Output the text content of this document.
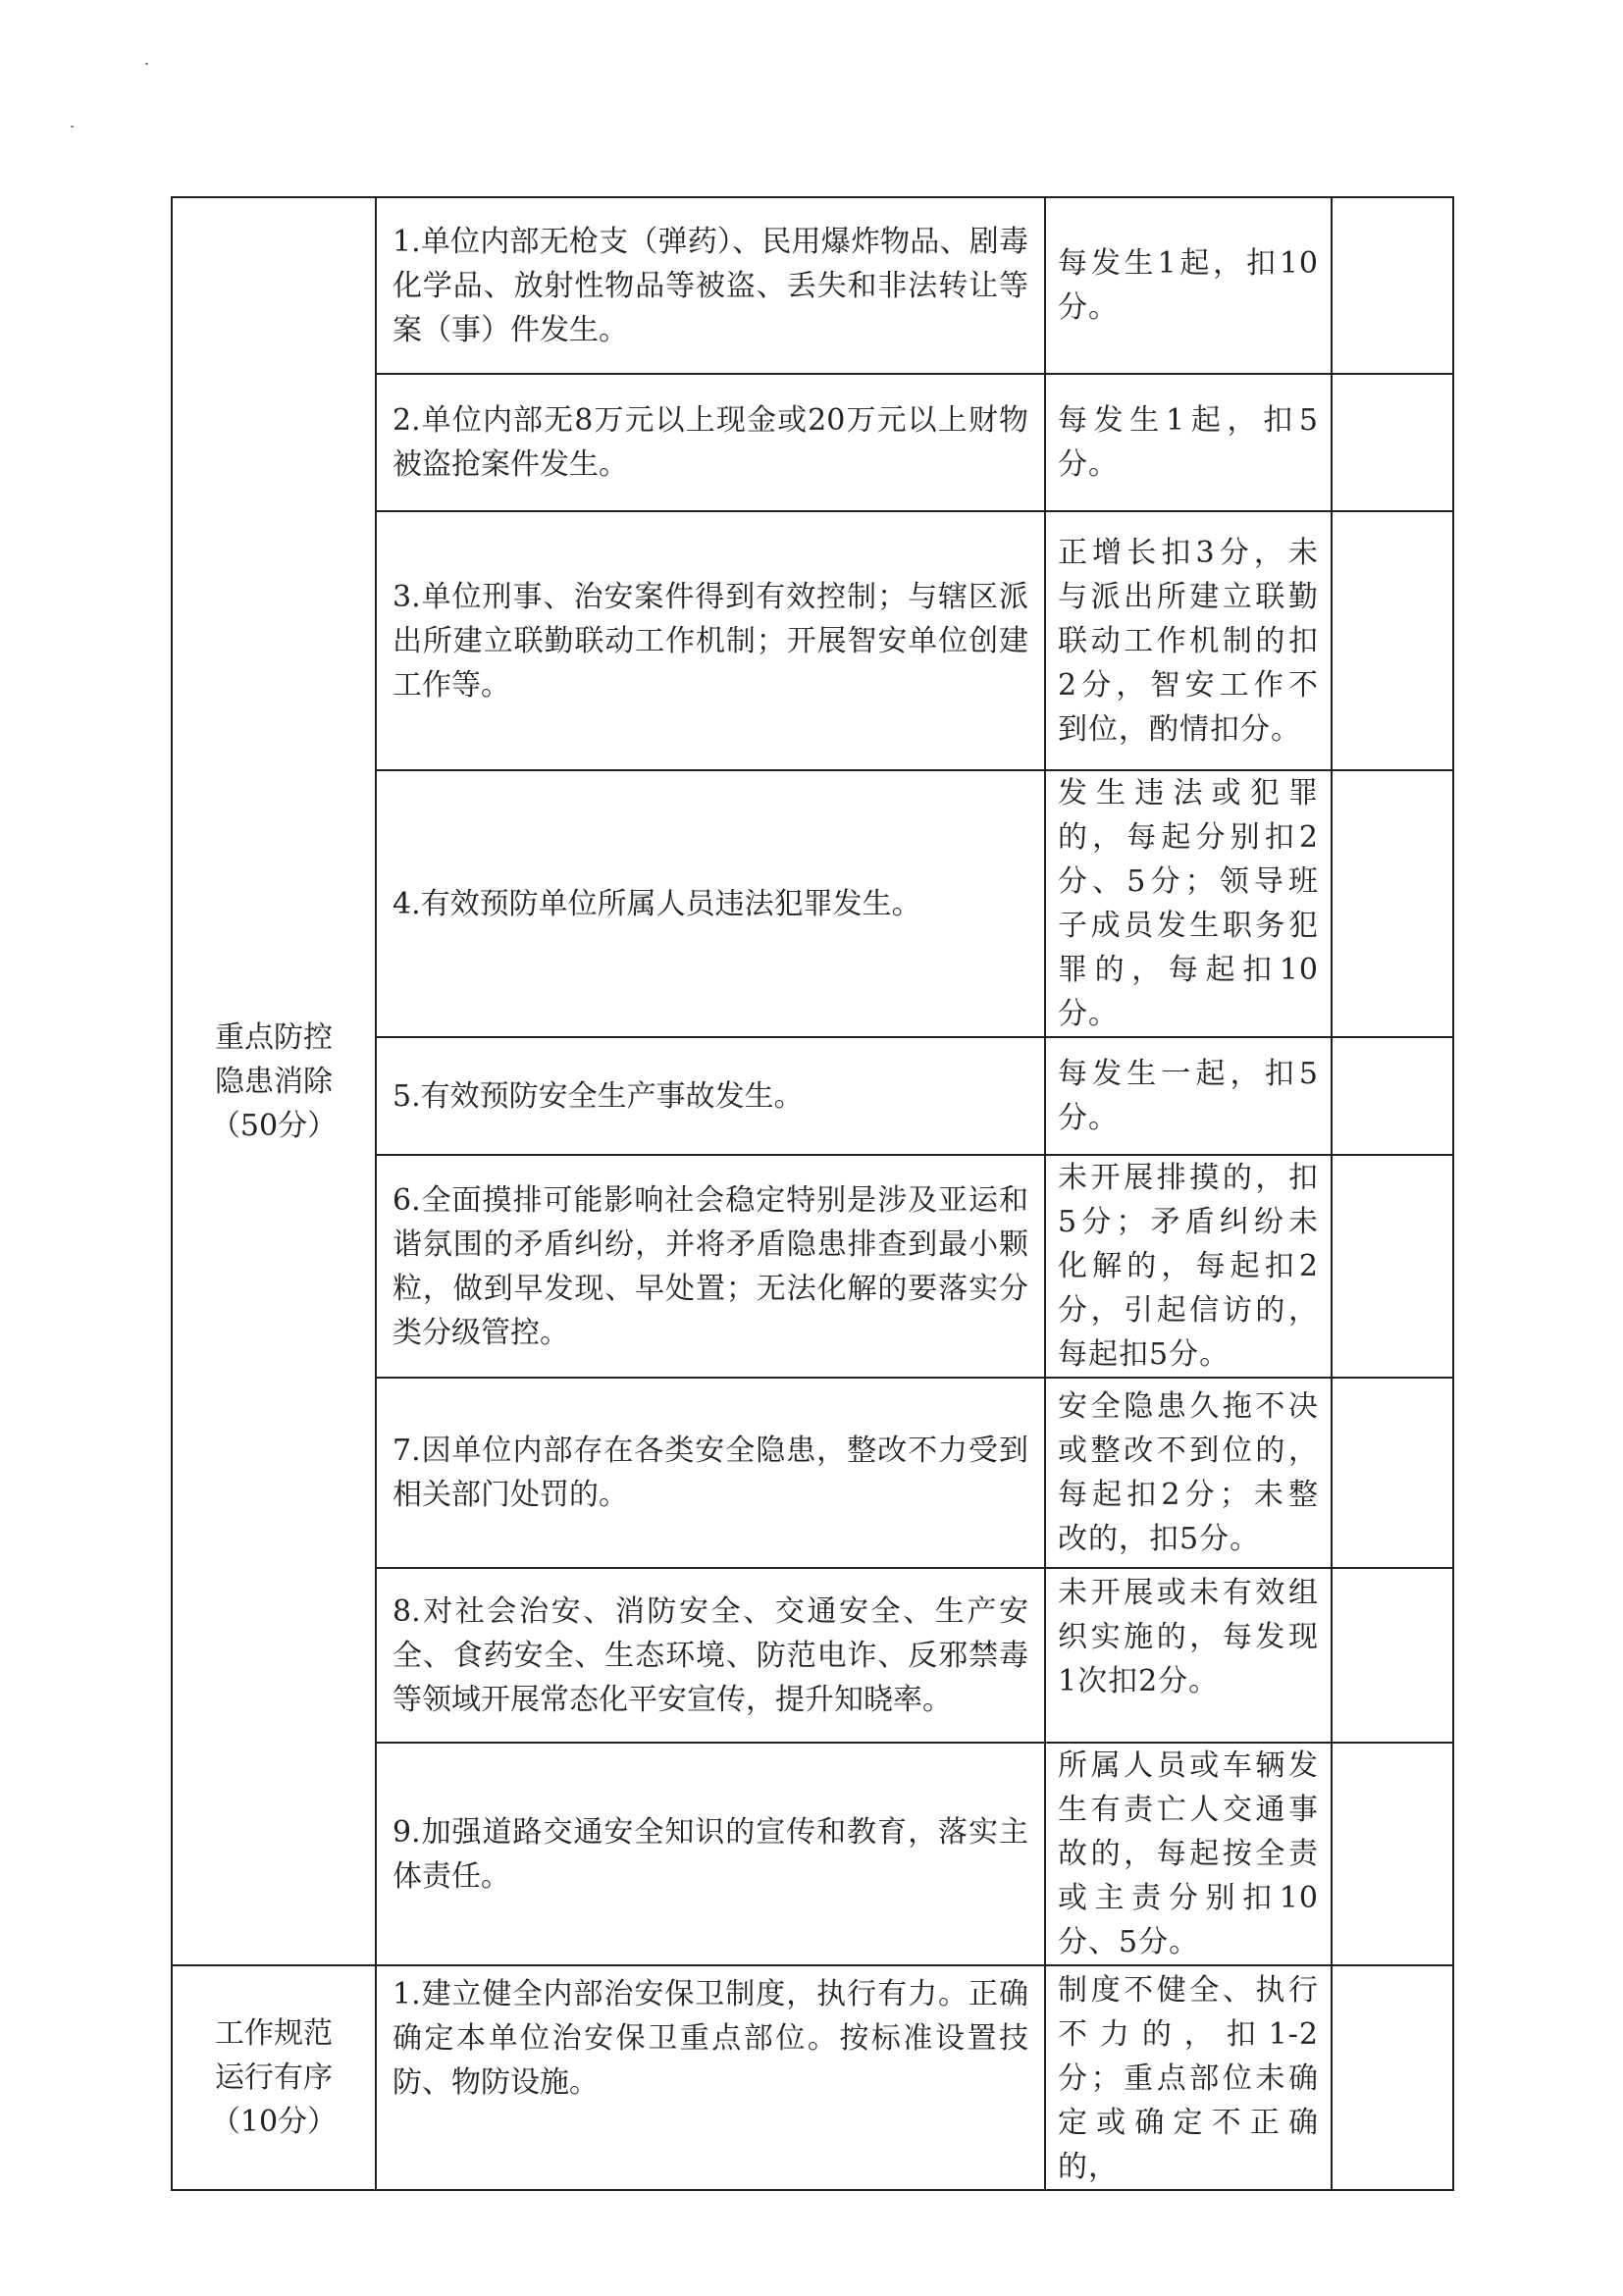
重点防控
隐患消除
（50分）	1.单位内部无枪支（弹药）、民用爆炸物品、剧毒化学品、放射性物品等被盗、丢失和非法转让等案（事）件发生。	每发生1起，扣10分。	
	2.单位内部无8万元以上现金或20万元以上财物被盗抢案件发生。	每发生1起，扣5分。	
	3.单位刑事、治安案件得到有效控制；与辖区派出所建立联勤联动工作机制；开展智安单位创建工作等。	正增长扣3分，未与派出所建立联勤联动工作机制的扣2分，智安工作不到位，酌情扣分。	
	4.有效预防单位所属人员违法犯罪发生。	发生违法或犯罪的，每起分别扣2分、5分；领导班子成员发生职务犯罪的，每起扣10分。	
	5.有效预防安全生产事故发生。	每发生一起，扣5分。	
	6.全面摸排可能影响社会稳定特别是涉及亚运和谐氛围的矛盾纠纷，并将矛盾隐患排查到最小颗粒，做到早发现、早处置；无法化解的要落实分类分级管控。	未开展排摸的，扣5分；矛盾纠纷未化解的，每起扣2分，引起信访的，每起扣5分。	
	7.因单位内部存在各类安全隐患，整改不力受到相关部门处罚的。	安全隐患久拖不决或整改不到位的，每起扣2分；未整改的，扣5分。	
	8.对社会治安、消防安全、交通安全、生产安全、食药安全、生态环境、防范电诈、反邪禁毒等领域开展常态化平安宣传，提升知晓率。	未开展或未有效组织实施的，每发现1次扣2分。	
	9.加强道路交通安全知识的宣传和教育，落实主体责任。	所属人员或车辆发生有责亡人交通事故的，每起按全责或主责分别扣10分、5分。	

工作规范
运行有序
（10分）	1.建立健全内部治安保卫制度，执行有力。正确确定本单位治安保卫重点部位。按标准设置技防、物防设施。	制度不健全、执行不力的，扣1-2分；重点部位未确定或确定不正确的，	
